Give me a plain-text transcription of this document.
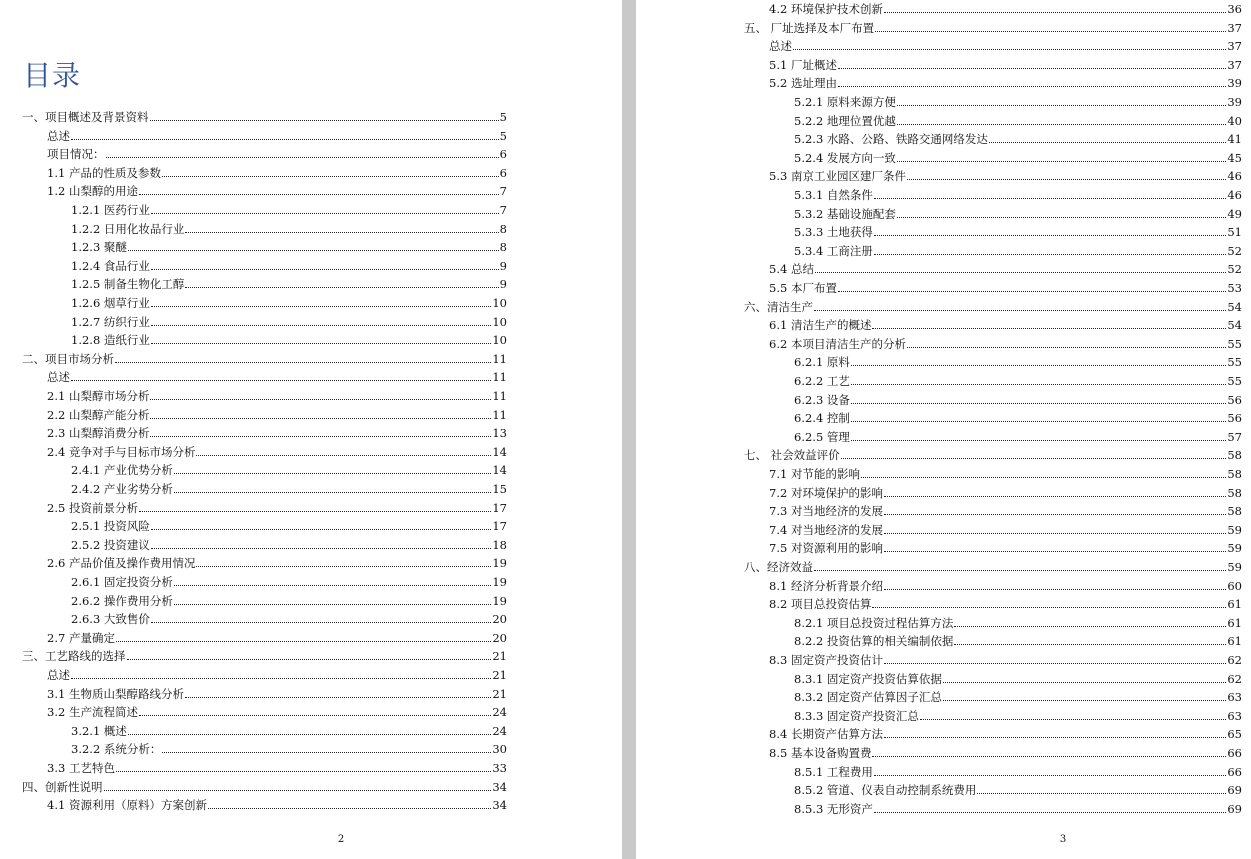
目录
一、项目概述及背景资料	5
总述	5
项目情况：	6
1.1 产品的性质及参数	6
1.2 山梨醇的用途	7
1.2.1 医药行业	7
1.2.2 日用化妆品行业	8
1.2.3 聚醚	8
1.2.4 食品行业	9
1.2.5 制备生物化工醇	9
1.2.6 烟草行业	10
1.2.7 纺织行业	10
1.2.8 造纸行业	10
二、项目市场分析	11
总述	11
2.1 山梨醇市场分析	11
2.2 山梨醇产能分析	11
2.3 山梨醇消费分析	13
2.4 竞争对手与目标市场分析	14
2.4.1 产业优势分析	14
2.4.2 产业劣势分析	15
2.5 投资前景分析	17
2.5.1 投资风险	17
2.5.2 投资建议	18
2.6 产品价值及操作费用情况	19
2.6.1 固定投资分析	19
2.6.2 操作费用分析	19
2.6.3 大致售价	20
2.7 产量确定	20
三、工艺路线的选择	21
总述	21
3.1 生物质山梨醇路线分析	21
3.2 生产流程简述	24
3.2.1 概述	24
3.2.2 系统分析：	30
3.3 工艺特色	33
四、创新性说明	34
4.1 资源利用（原料）方案创新	34
2
4.2 环境保护技术创新	36
五、 厂址选择及本厂布置	37
总述	37
5.1 厂址概述	37
5.2 选址理由	39
5.2.1 原料来源方便	39
5.2.2 地理位置优越	40
5.2.3 水路、公路、铁路交通网络发达	41
5.2.4 发展方向一致	45
5.3 南京工业园区建厂条件	46
5.3.1 自然条件	46
5.3.2 基础设施配套	49
5.3.3 土地获得	51
5.3.4 工商注册	52
5.4 总结	52
5.5 本厂布置	53
六、清洁生产	54
6.1 清洁生产的概述	54
6.2 本项目清洁生产的分析	55
6.2.1 原料	55
6.2.2 工艺	55
6.2.3 设备	56
6.2.4 控制	56
6.2.5 管理	57
七、 社会效益评价	58
7.1 对节能的影响	58
7.2 对环境保护的影响	58
7.3 对当地经济的发展	58
7.4 对当地经济的发展	59
7.5 对资源利用的影响	59
八、经济效益	59
8.1 经济分析背景介绍	60
8.2 项目总投资估算	61
8.2.1 项目总投资过程估算方法	61
8.2.2 投资估算的相关编制依据	61
8.3 固定资产投资估计	62
8.3.1 固定资产投资估算依据	62
8.3.2 固定资产估算因子汇总	63
8.3.3 固定资产投资汇总	63
8.4 长期资产估算方法	65
8.5 基本设备购置费	66
8.5.1 工程费用	66
8.5.2 管道、仪表自动控制系统费用	69
8.5.3 无形资产	69
3
